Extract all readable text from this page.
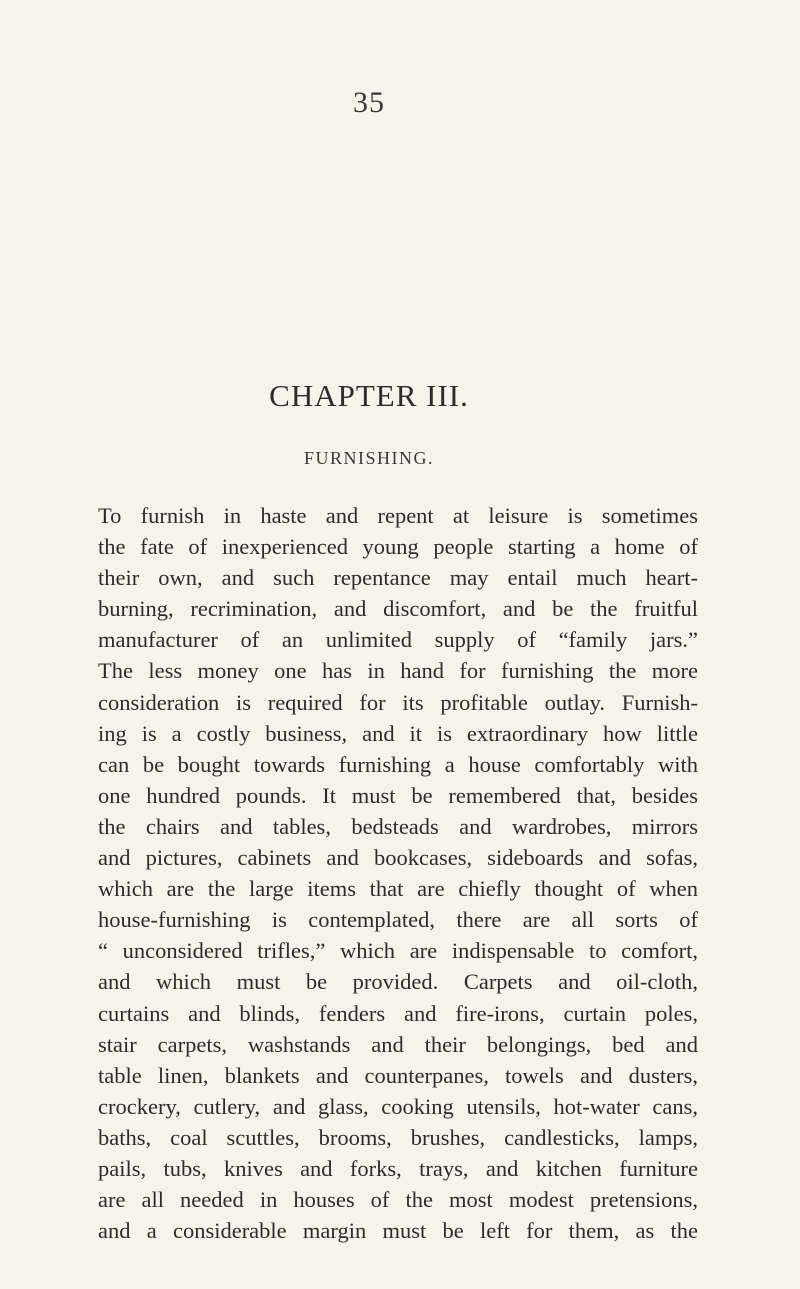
35
CHAPTER III.
FURNISHING.
To furnish in haste and repent at leisure is sometimes
the fate of inexperienced young people starting a home of
their own, and such repentance may entail much heart-
burning, recrimination, and discomfort, and be the fruitful
manufacturer of an unlimited supply of “family jars.”
The less money one has in hand for furnishing the more
consideration is required for its profitable outlay. Furnish-
ing is a costly business, and it is extraordinary how little
can be bought towards furnishing a house comfortably with
one hundred pounds. It must be remembered that, besides
the chairs and tables, bedsteads and wardrobes, mirrors
and pictures, cabinets and bookcases, sideboards and sofas,
which are the large items that are chiefly thought of when
house-furnishing is contemplated, there are all sorts of
“ unconsidered trifles,” which are indispensable to comfort,
and which must be provided. Carpets and oil-cloth,
curtains and blinds, fenders and fire-irons, curtain poles,
stair carpets, washstands and their belongings, bed and
table linen, blankets and counterpanes, towels and dusters,
crockery, cutlery, and glass, cooking utensils, hot-water cans,
baths, coal scuttles, brooms, brushes, candlesticks, lamps,
pails, tubs, knives and forks, trays, and kitchen furniture
are all needed in houses of the most modest pretensions,
and a considerable margin must be left for them, as the
